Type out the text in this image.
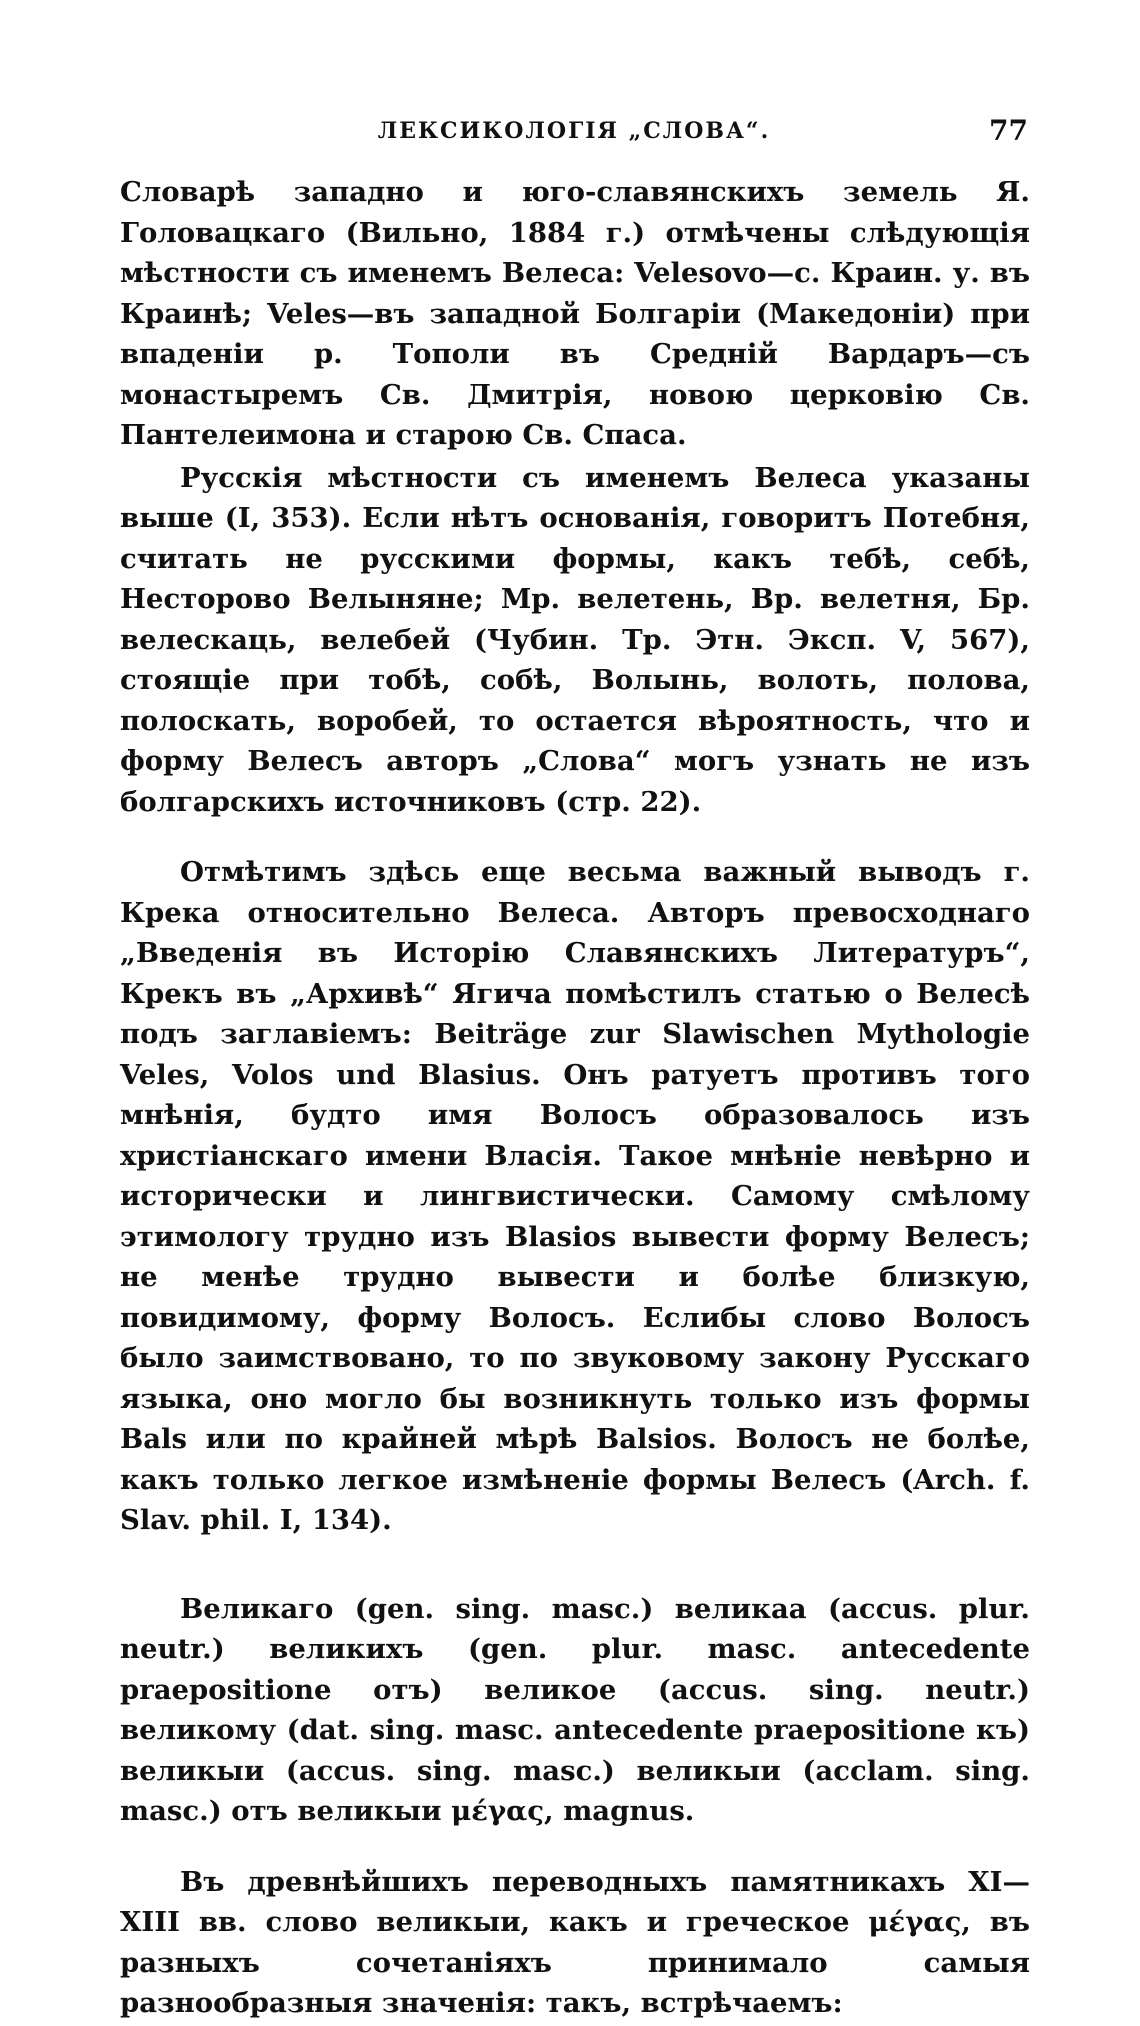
ЛЕКСИКОЛОГІЯ „СЛОВА“.	77

Словарѣ западно и юго-славянскихъ земель Я. Головацкаго (Вильно, 1884 г.) отмѣчены слѣдующія мѣстности съ именемъ Велеса: Velesovo—с. Краин. у. въ Краинѣ; Veles—въ западной Болгаріи (Македоніи) при впаденіи р. Тополи въ Средній Вардаръ—съ монастыремъ Св. Дмитрія, новою церковію Св. Пантелеимона и старою Св. Спаса.

Русскія мѣстности съ именемъ Велеса указаны выше (I, 353). Если нѣтъ основанія, говоритъ Потебня, считать не русскими формы, какъ тебѣ, себѣ, Несторово Велыняне; Мр. велетень, Вр. велетня, Бр. велескаць, велебей (Чубин. Тр. Этн. Эксп. V, 567), стоящіе при тобѣ, собѣ, Волынь, волоть, полова, полоскать, воробей, то остается вѣроятность, что и форму Велесъ авторъ „Слова“ могъ узнать не изъ болгарскихъ источниковъ (стр. 22).

Отмѣтимъ здѣсь еще весьма важный выводъ г. Крека относительно Велеса. Авторъ превосходнаго „Введенія въ Исторію Славянскихъ Литературъ“, Крекъ въ „Архивѣ“ Ягича помѣстилъ статью о Велесѣ подъ заглавіемъ: Beiträge zur Slawischen Mythologie Veles, Volos und Blasius. Онъ ратуетъ противъ того мнѣнія, будто имя Волосъ образовалось изъ христіанскаго имени Власія. Такое мнѣніе невѣрно и исторически и лингвистически. Самому смѣлому этимологу трудно изъ Blasios вывести форму Велесъ; не менѣе трудно вывести и болѣе близкую, повидимому, форму Волосъ. Еслибы слово Волосъ было заимствовано, то по звуковому закону Русскаго языка, оно могло бы возникнуть только изъ формы Bals или по крайней мѣрѣ Balsios. Волосъ не болѣе, какъ только легкое измѣненіе формы Велесъ (Arch. f. Slav. phil. I, 134).

Великаго (gen. sing. masc.) великаа (accus. plur. neutr.) великихъ (gen. plur. masc. antecedente praepositione отъ) великое (accus. sing. neutr.) великому (dat. sing. masc. antecedente praepositione къ) великыи (accus. sing. masc.) великыи (acclam. sing. masc.) отъ великыи μέγας, magnus.

Въ древнѣйшихъ переводныхъ памятникахъ XI—XIII вв. слово великыи, какъ и греческое μέγας, въ разныхъ сочетаніяхъ принимало самыя разнообразныя значенія: такъ, встрѣчаемъ:
